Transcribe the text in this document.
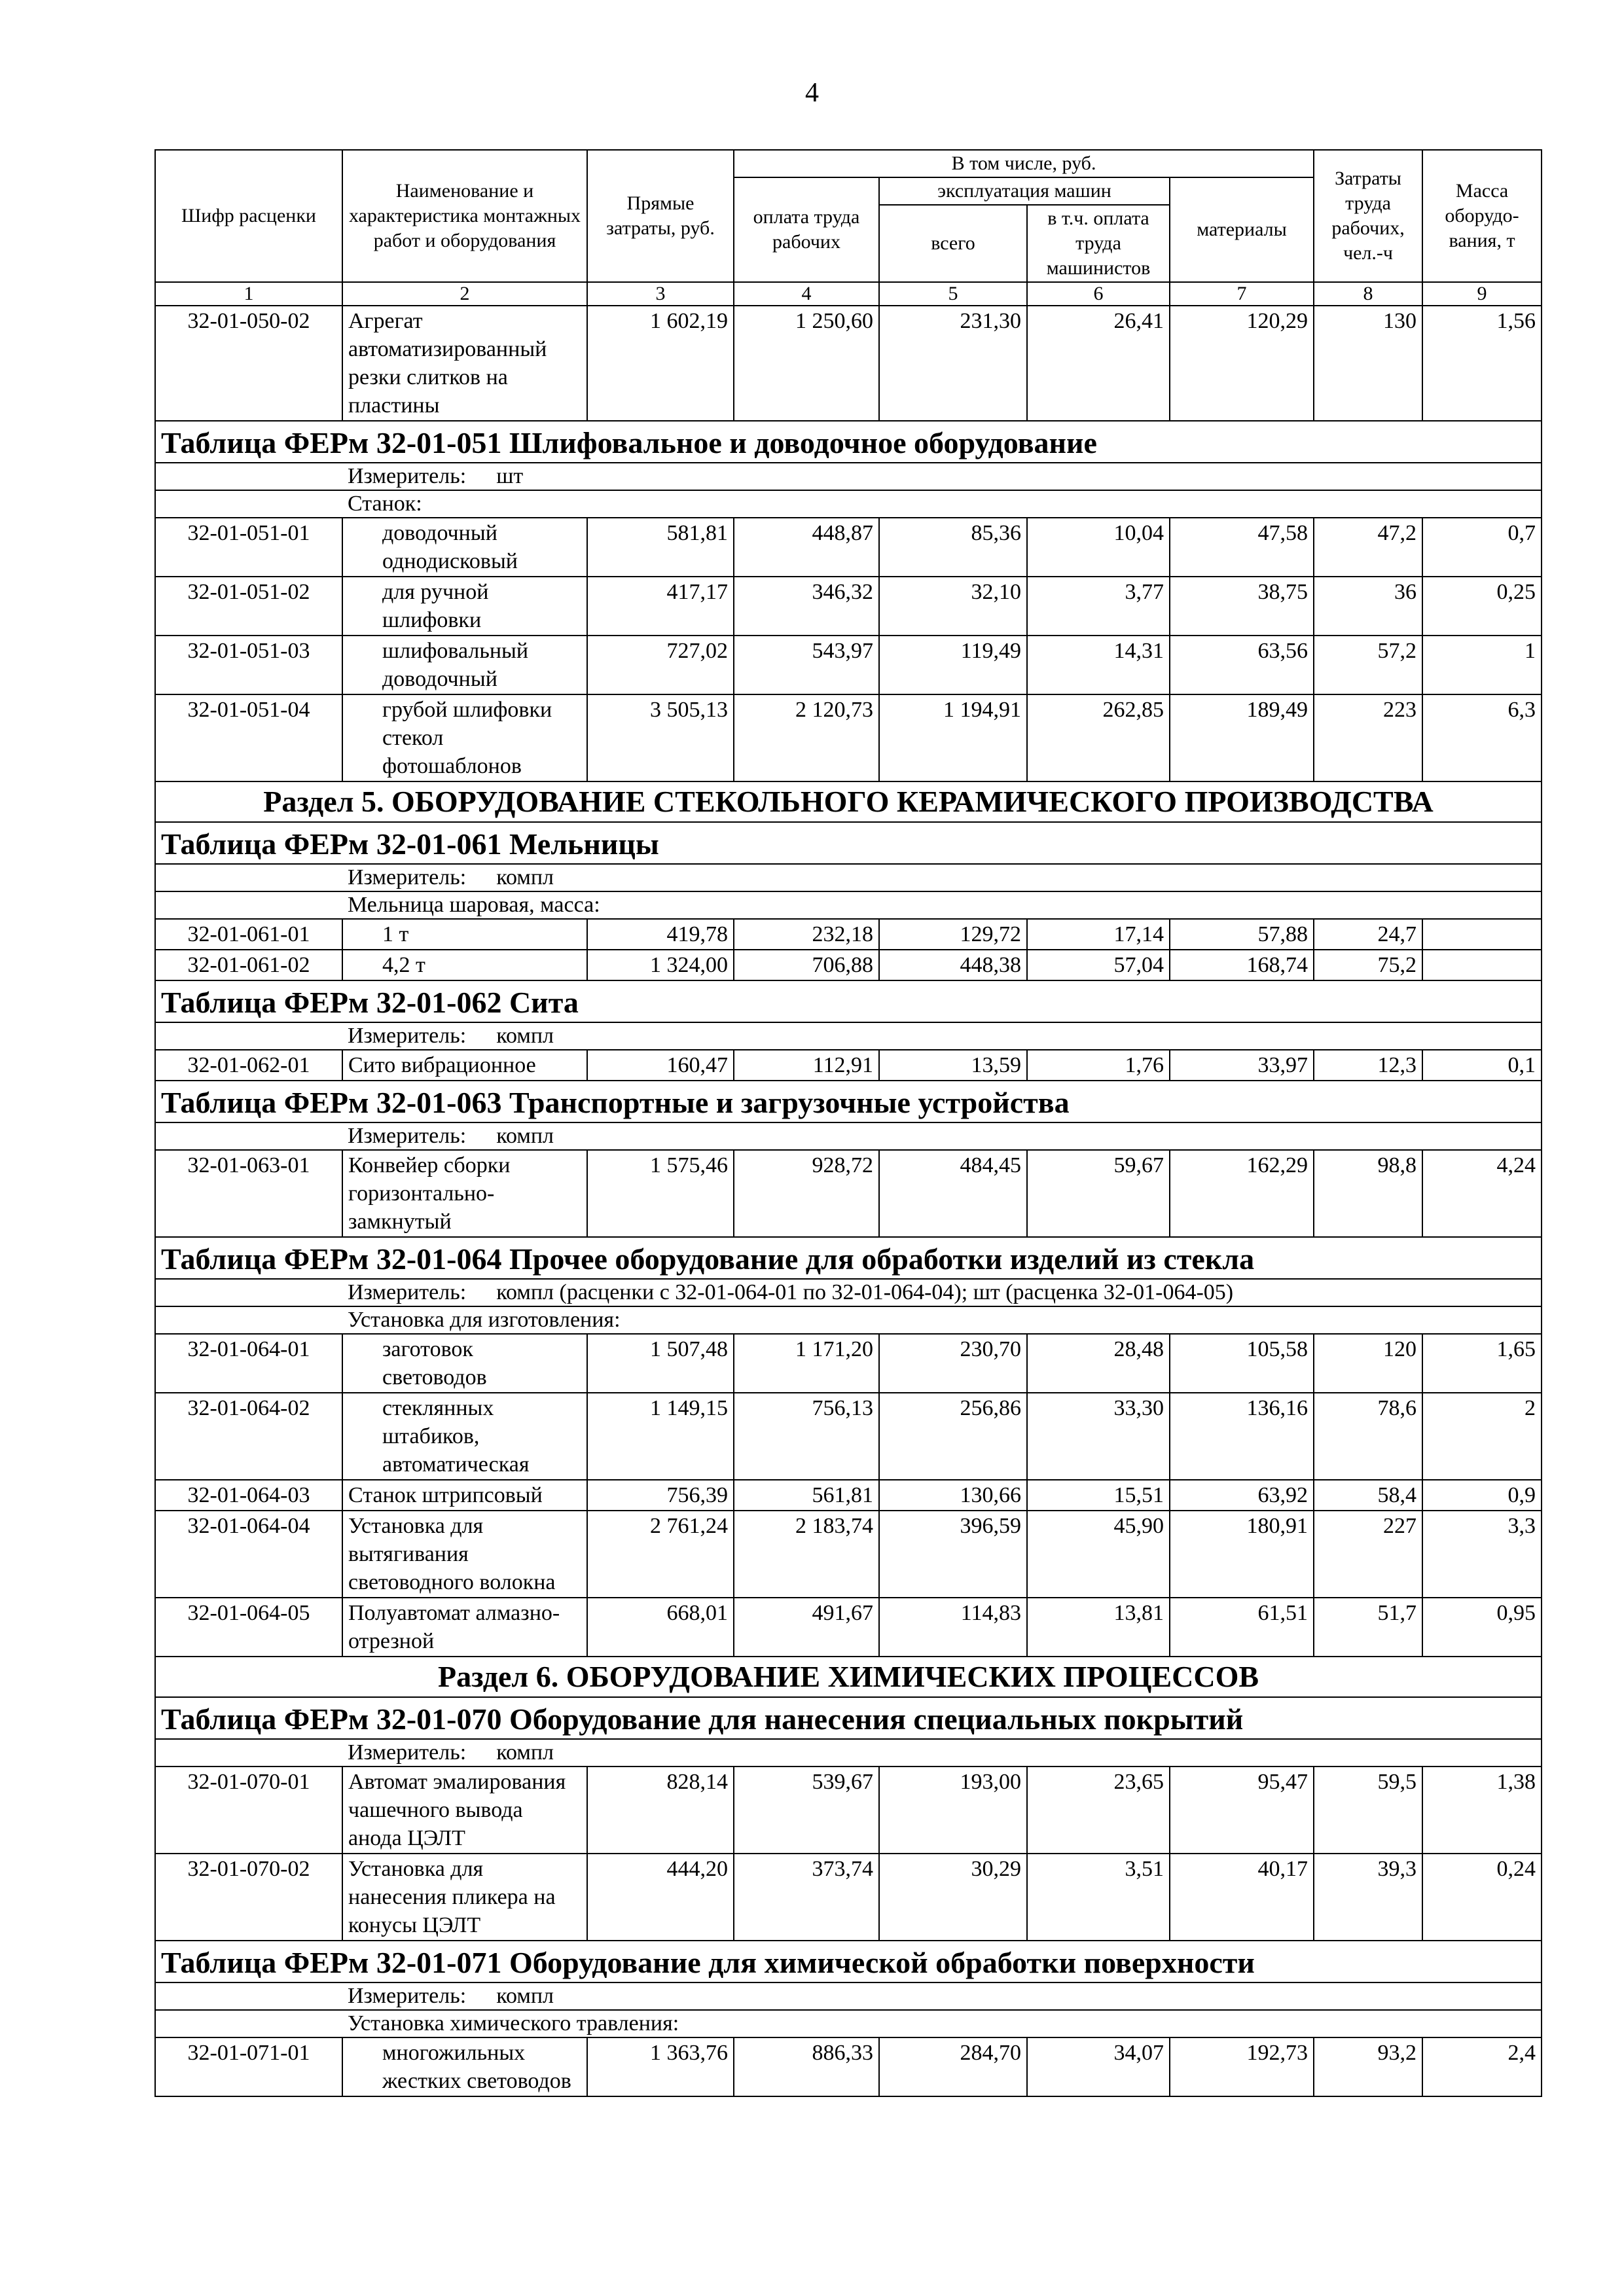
4
Шифр расценки	Наименование и характеристика монтажных работ и оборудования	Прямые затраты, руб.	В том числе, руб.				Затраты труда рабочих, чел.-ч	Масса оборудо-вания, т
			оплата труда рабочих	эксплуатация машин		материалы		
				всего	в т.ч. оплата труда машинистов			
1	2	3	4	5	6	7	8	9
32-01-050-02	Агрегат автоматизированный резки слитков на пластины	1 602,19	1 250,60	231,30	26,41	120,29	130	1,56
Таблица ФЕРм 32-01-051 Шлифовальное и доводочное оборудование								
	Измеритель: шт							
	Станок:							
32-01-051-01	доводочный однодисковый	581,81	448,87	85,36	10,04	47,58	47,2	0,7
32-01-051-02	для ручной шлифовки	417,17	346,32	32,10	3,77	38,75	36	0,25
32-01-051-03	шлифовальный доводочный	727,02	543,97	119,49	14,31	63,56	57,2	1
32-01-051-04	грубой шлифовки стекол фотошаблонов	3 505,13	2 120,73	1 194,91	262,85	189,49	223	6,3
Раздел 5. ОБОРУДОВАНИЕ СТЕКОЛЬНОГО КЕРАМИЧЕСКОГО ПРОИЗВОДСТВА								
Таблица ФЕРм 32-01-061 Мельницы								
	Измеритель: компл							
	Мельница шаровая, масса:							
32-01-061-01	1 т	419,78	232,18	129,72	17,14	57,88	24,7	
32-01-061-02	4,2 т	1 324,00	706,88	448,38	57,04	168,74	75,2	
Таблица ФЕРм 32-01-062 Сита								
	Измеритель: компл							
32-01-062-01	Сито вибрационное	160,47	112,91	13,59	1,76	33,97	12,3	0,1
Таблица ФЕРм 32-01-063 Транспортные и загрузочные устройства								
	Измеритель: компл							
32-01-063-01	Конвейер сборки горизонтально-замкнутый	1 575,46	928,72	484,45	59,67	162,29	98,8	4,24
Таблица ФЕРм 32-01-064 Прочее оборудование для обработки изделий из стекла								
	Измеритель: компл (расценки с 32-01-064-01 по 32-01-064-04); шт (расценка 32-01-064-05)							
	Установка для изготовления:							
32-01-064-01	заготовок световодов	1 507,48	1 171,20	230,70	28,48	105,58	120	1,65
32-01-064-02	стеклянных штабиков, автоматическая	1 149,15	756,13	256,86	33,30	136,16	78,6	2
32-01-064-03	Станок штрипсовый	756,39	561,81	130,66	15,51	63,92	58,4	0,9
32-01-064-04	Установка для вытягивания световодного волокна	2 761,24	2 183,74	396,59	45,90	180,91	227	3,3
32-01-064-05	Полуавтомат алмазно-отрезной	668,01	491,67	114,83	13,81	61,51	51,7	0,95
Раздел 6. ОБОРУДОВАНИЕ ХИМИЧЕСКИХ ПРОЦЕССОВ								
Таблица ФЕРм 32-01-070 Оборудование для нанесения специальных покрытий								
	Измеритель: компл							
32-01-070-01	Автомат эмалирования чашечного вывода анода ЦЭЛТ	828,14	539,67	193,00	23,65	95,47	59,5	1,38
32-01-070-02	Установка для нанесения пликера на конусы ЦЭЛТ	444,20	373,74	30,29	3,51	40,17	39,3	0,24
Таблица ФЕРм 32-01-071 Оборудование для химической обработки поверхности								
	Измеритель: компл							
	Установка химического травления:							
32-01-071-01	многожильных жестких световодов	1 363,76	886,33	284,70	34,07	192,73	93,2	2,4
